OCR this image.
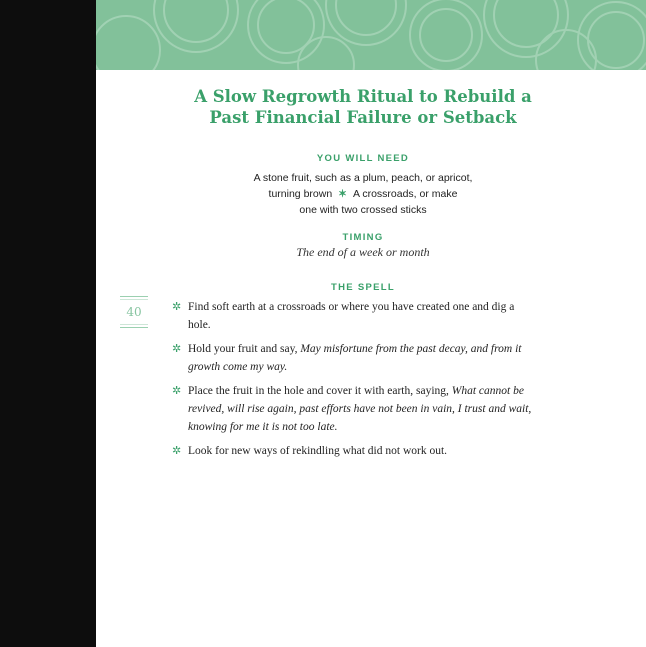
A Slow Regrowth Ritual to Rebuild a
Past Financial Failure or Setback
YOU WILL NEED
A stone fruit, such as a plum, peach, or apricot,
turning brown ✶ A crossroads, or make
one with two crossed sticks
TIMING
The end of a week or month
THE SPELL
40	✲ Find soft earth at a crossroads or where you have created one and dig a hole.
✲ Hold your fruit and say, May misfortune from the past decay, and from it growth come my way.
✲ Place the fruit in the hole and cover it with earth, saying, What cannot be revived, will rise again, past efforts have not been in vain, I trust and wait, knowing for me it is not too late.
✲ Look for new ways of rekindling what did not work out.
